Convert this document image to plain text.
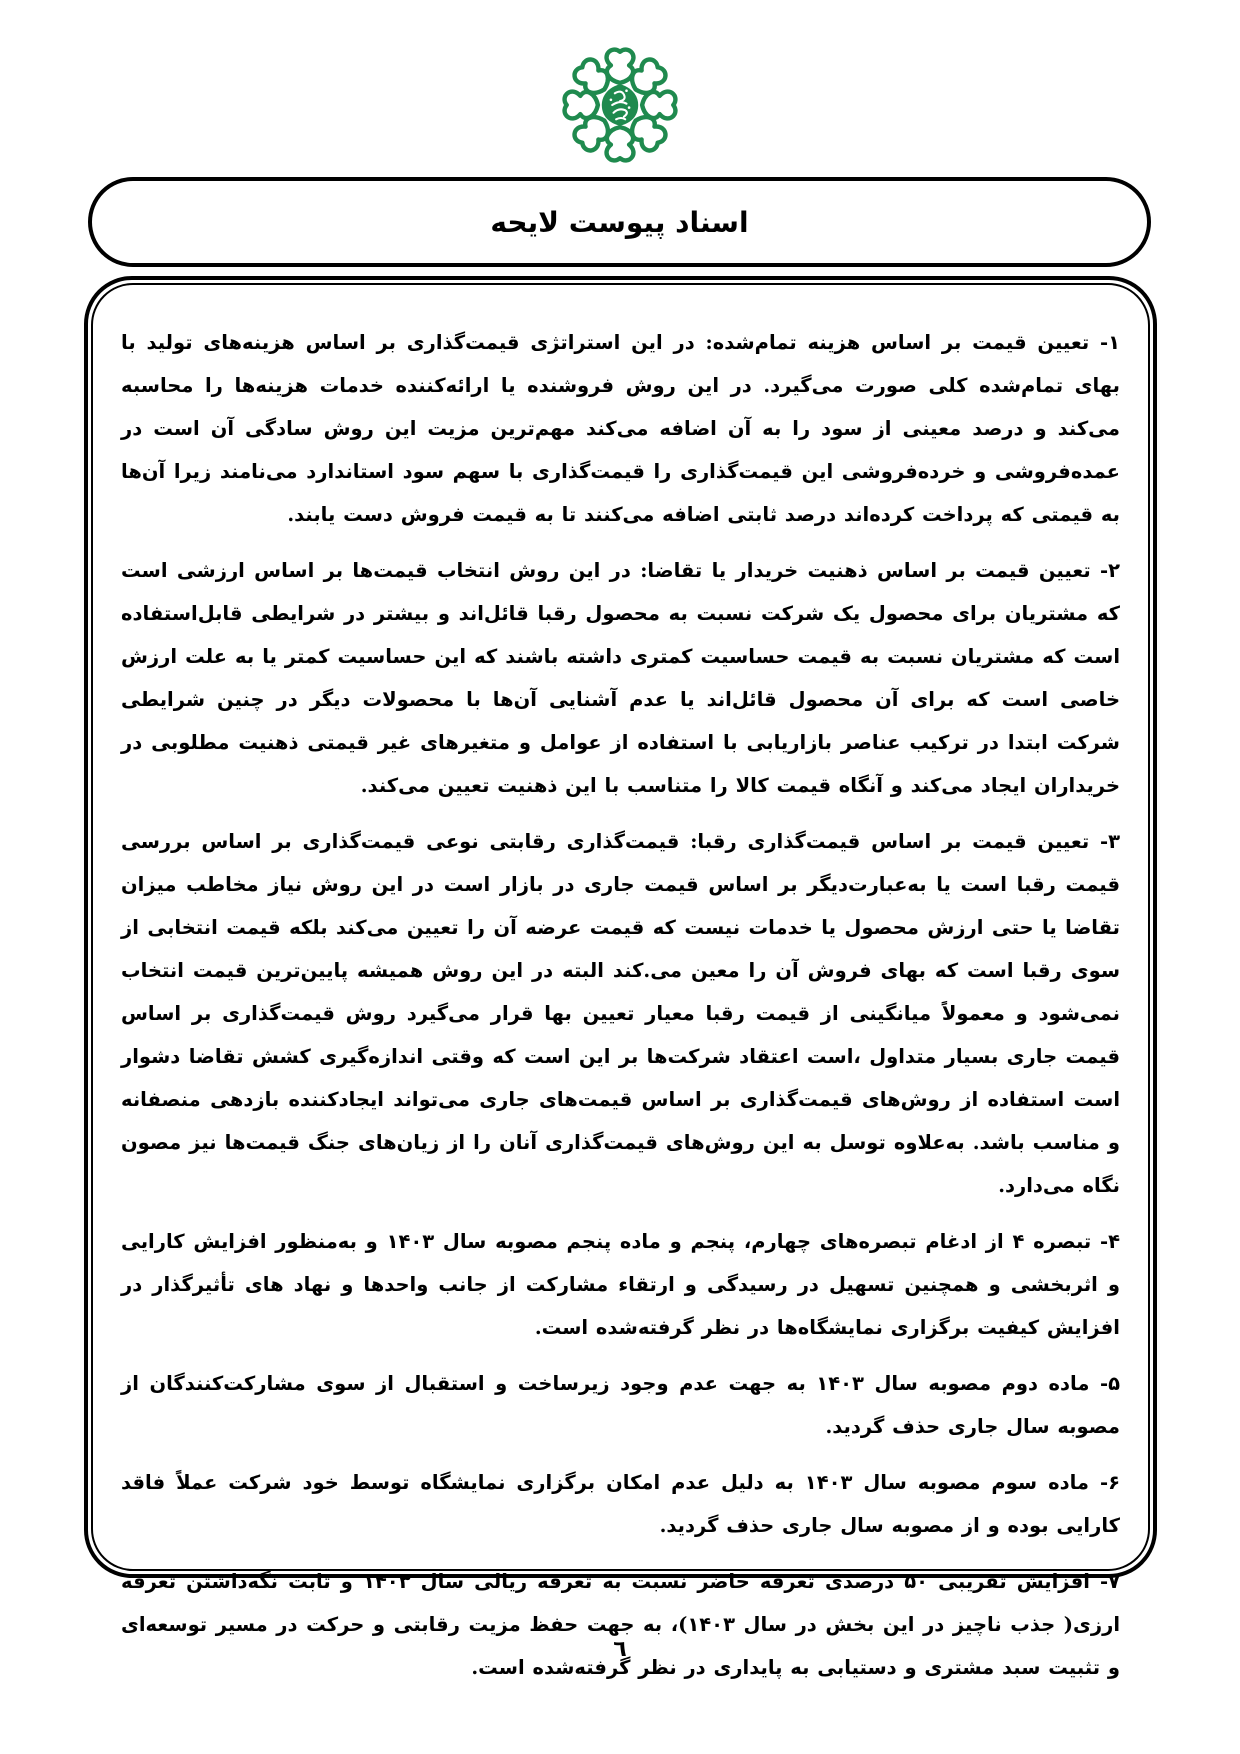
اسناد پیوست لایحه

۱- تعیین قیمت بر اساس هزینه تمام‌شده: در این استراتژی قیمت‌گذاری بر اساس هزینه‌های تولید با بهای تمام‌شده کلی صورت می‌گیرد. در این روش فروشنده یا ارائه‌کننده خدمات هزینه‌ها را محاسبه می‌کند و درصد معینی از سود را به آن اضافه می‌کند مهم‌ترین مزیت این روش سادگی آن است در عمده‌فروشی و خرده‌فروشی این قیمت‌گذاری را قیمت‌گذاری با سهم سود استاندارد می‌نامند زیرا آن‌ها به قیمتی که پرداخت کرده‌اند درصد ثابتی اضافه می‌کنند تا به قیمت فروش دست یابند.

۲- تعیین قیمت بر اساس ذهنیت خریدار یا تقاضا: در این روش انتخاب قیمت‌ها بر اساس ارزشی است که مشتریان برای محصول یک شرکت نسبت به محصول رقبا قائل‌اند و بیشتر در شرایطی قابل‌استفاده است که مشتریان نسبت به قیمت حساسیت کمتری داشته باشند که این حساسیت کمتر یا به علت ارزش خاصی است که برای آن محصول قائل‌اند یا عدم آشنایی آن‌ها با محصولات دیگر در چنین شرایطی شرکت ابتدا در ترکیب عناصر بازاریابی با استفاده از عوامل و متغیرهای غیر قیمتی ذهنیت مطلوبی در خریداران ایجاد می‌کند و آنگاه قیمت کالا را متناسب با این ذهنیت تعیین می‌کند.

۳- تعیین قیمت بر اساس قیمت‌گذاری رقبا: قیمت‌گذاری رقابتی نوعی قیمت‌گذاری بر اساس بررسی قیمت رقبا است یا به‌عبارت‌دیگر بر اساس قیمت جاری در بازار است در این روش نیاز مخاطب میزان تقاضا یا حتی ارزش محصول یا خدمات نیست که قیمت عرضه آن را تعیین می‌کند بلکه قیمت انتخابی از سوی رقبا است که بهای فروش آن را معین می.کند البته در این روش همیشه پایین‌ترین قیمت انتخاب نمی‌شود و معمولاً میانگینی از قیمت رقبا معیار تعیین بها قرار می‌گیرد روش قیمت‌گذاری بر اساس قیمت جاری بسیار متداول ،است اعتقاد شرکت‌ها بر این است که وقتی اندازه‌گیری کشش تقاضا دشوار است استفاده از روش‌های قیمت‌گذاری بر اساس قیمت‌های جاری می‌تواند ایجادکننده بازدهی منصفانه و مناسب باشد. به‌علاوه توسل به این روش‌های قیمت‌گذاری آنان را از زیان‌های جنگ قیمت‌ها نیز مصون نگاه می‌دارد.

۴- تبصره ۴ از ادغام تبصره‌های چهارم، پنجم و ماده پنجم مصوبه سال ۱۴۰۳ و به‌منظور افزایش کارایی و اثربخشی و همچنین تسهیل در رسیدگی و ارتقاء مشارکت از جانب واحدها و نهاد های تأثیرگذار در افزایش کیفیت برگزاری نمایشگاه‌ها در نظر گرفته‌شده است.

۵- ماده دوم مصوبه سال ۱۴۰۳ به جهت عدم وجود زیرساخت و استقبال از سوی مشارکت‌کنندگان از مصوبه سال جاری حذف گردید.

۶- ماده سوم مصوبه سال ۱۴۰۳ به دلیل عدم امکان برگزاری نمایشگاه توسط خود شرکت عملاً فاقد کارایی بوده و از مصوبه سال جاری حذف گردید.

۷- افزایش تقریبی ۵۰ درصدی تعرفه حاضر نسبت به تعرفه ریالی سال ۱۴۰۳ و ثابت نگه‌داشتن تعرفه ارزی( جذب ناچیز در این بخش در سال ۱۴۰۳)، به جهت حفظ مزیت رقابتی و حرکت در مسیر توسعه‌ای و تثبیت سبد مشتری و دستیابی به پایداری در نظر گرفته‌شده است.

٦
